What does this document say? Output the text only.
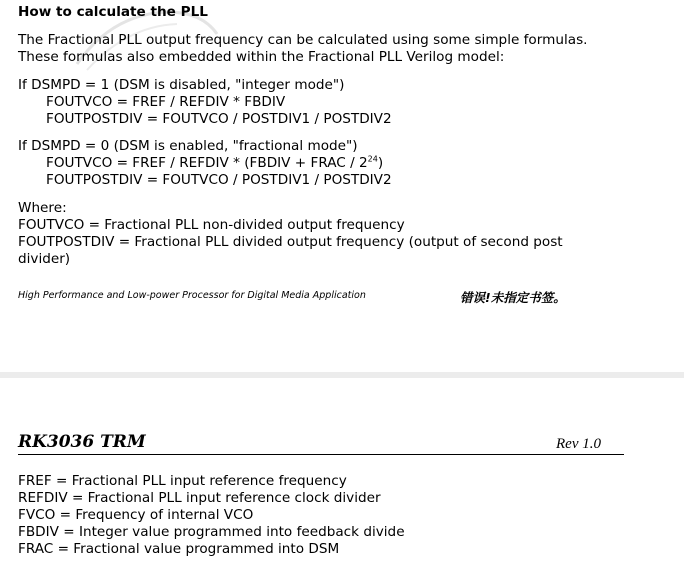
How to calculate the PLL
The Fractional PLL output frequency can be calculated using some simple formulas.
These formulas also embedded within the Fractional PLL Verilog model:
If DSMPD = 1 (DSM is disabled, "integer mode")
FOUTVCO = FREF / REFDIV * FBDIV
FOUTPOSTDIV = FOUTVCO / POSTDIV1 / POSTDIV2
If DSMPD = 0 (DSM is enabled, "fractional mode")
FOUTVCO = FREF / REFDIV * (FBDIV + FRAC / $2^{24}$)
FOUTPOSTDIV = FOUTVCO / POSTDIV1 / POSTDIV2
Where:
FOUTVCO = Fractional PLL non-divided output frequency
FOUTPOSTDIV = Fractional PLL divided output frequency (output of second post
divider)
High Performance and Low-power Processor for Digital Media Application	错误!未指定书签。
RK3036 TRM	Rev 1.0
FREF = Fractional PLL input reference frequency
REFDIV = Fractional PLL input reference clock divider
FVCO = Frequency of internal VCO
FBDIV = Integer value programmed into feedback divide
FRAC = Fractional value programmed into DSM
